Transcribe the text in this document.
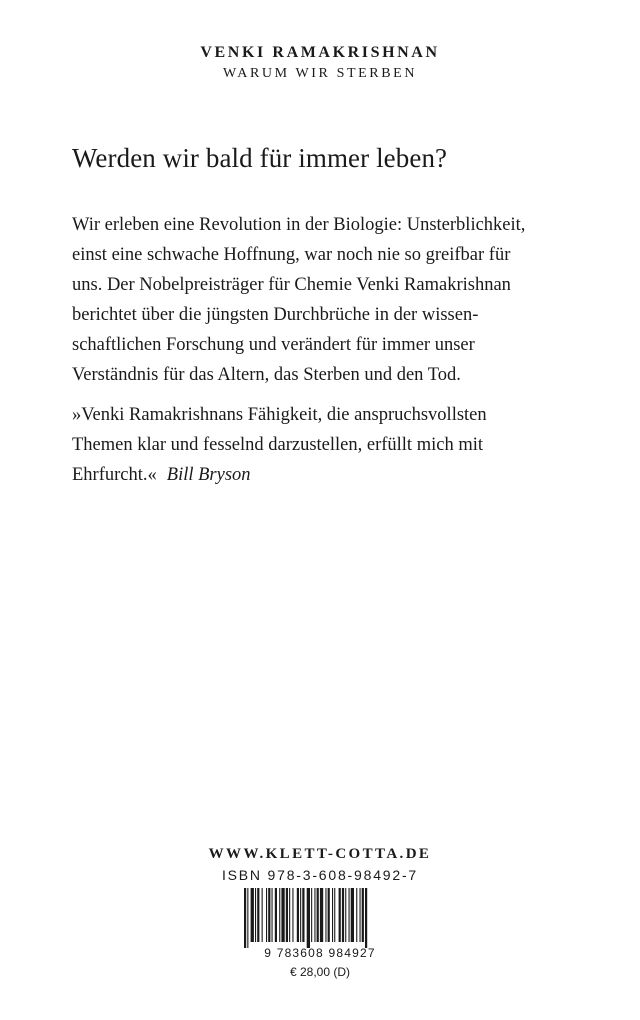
VENKI RAMAKRISHNAN
WARUM WIR STERBEN
Werden wir bald für immer leben?

Wir erleben eine Revolution in der Biologie: Unsterblichkeit,
einst eine schwache Hoffnung, war noch nie so greifbar für
uns. Der Nobelpreisträger für Chemie Venki Ramakrishnan
berichtet über die jüngsten Durchbrüche in der wissen-
schaftlichen Forschung und verändert für immer unser
Verständnis für das Altern, das Sterben und den Tod.

»Venki Ramakrishnans Fähigkeit, die anspruchsvollsten
Themen klar und fesselnd darzustellen, erfüllt mich mit
Ehrfurcht.« Bill Bryson

WWW.KLETT-COTTA.DE
ISBN 978-3-608-98492-7
9 783608 984927
€ 28,00 (D)
